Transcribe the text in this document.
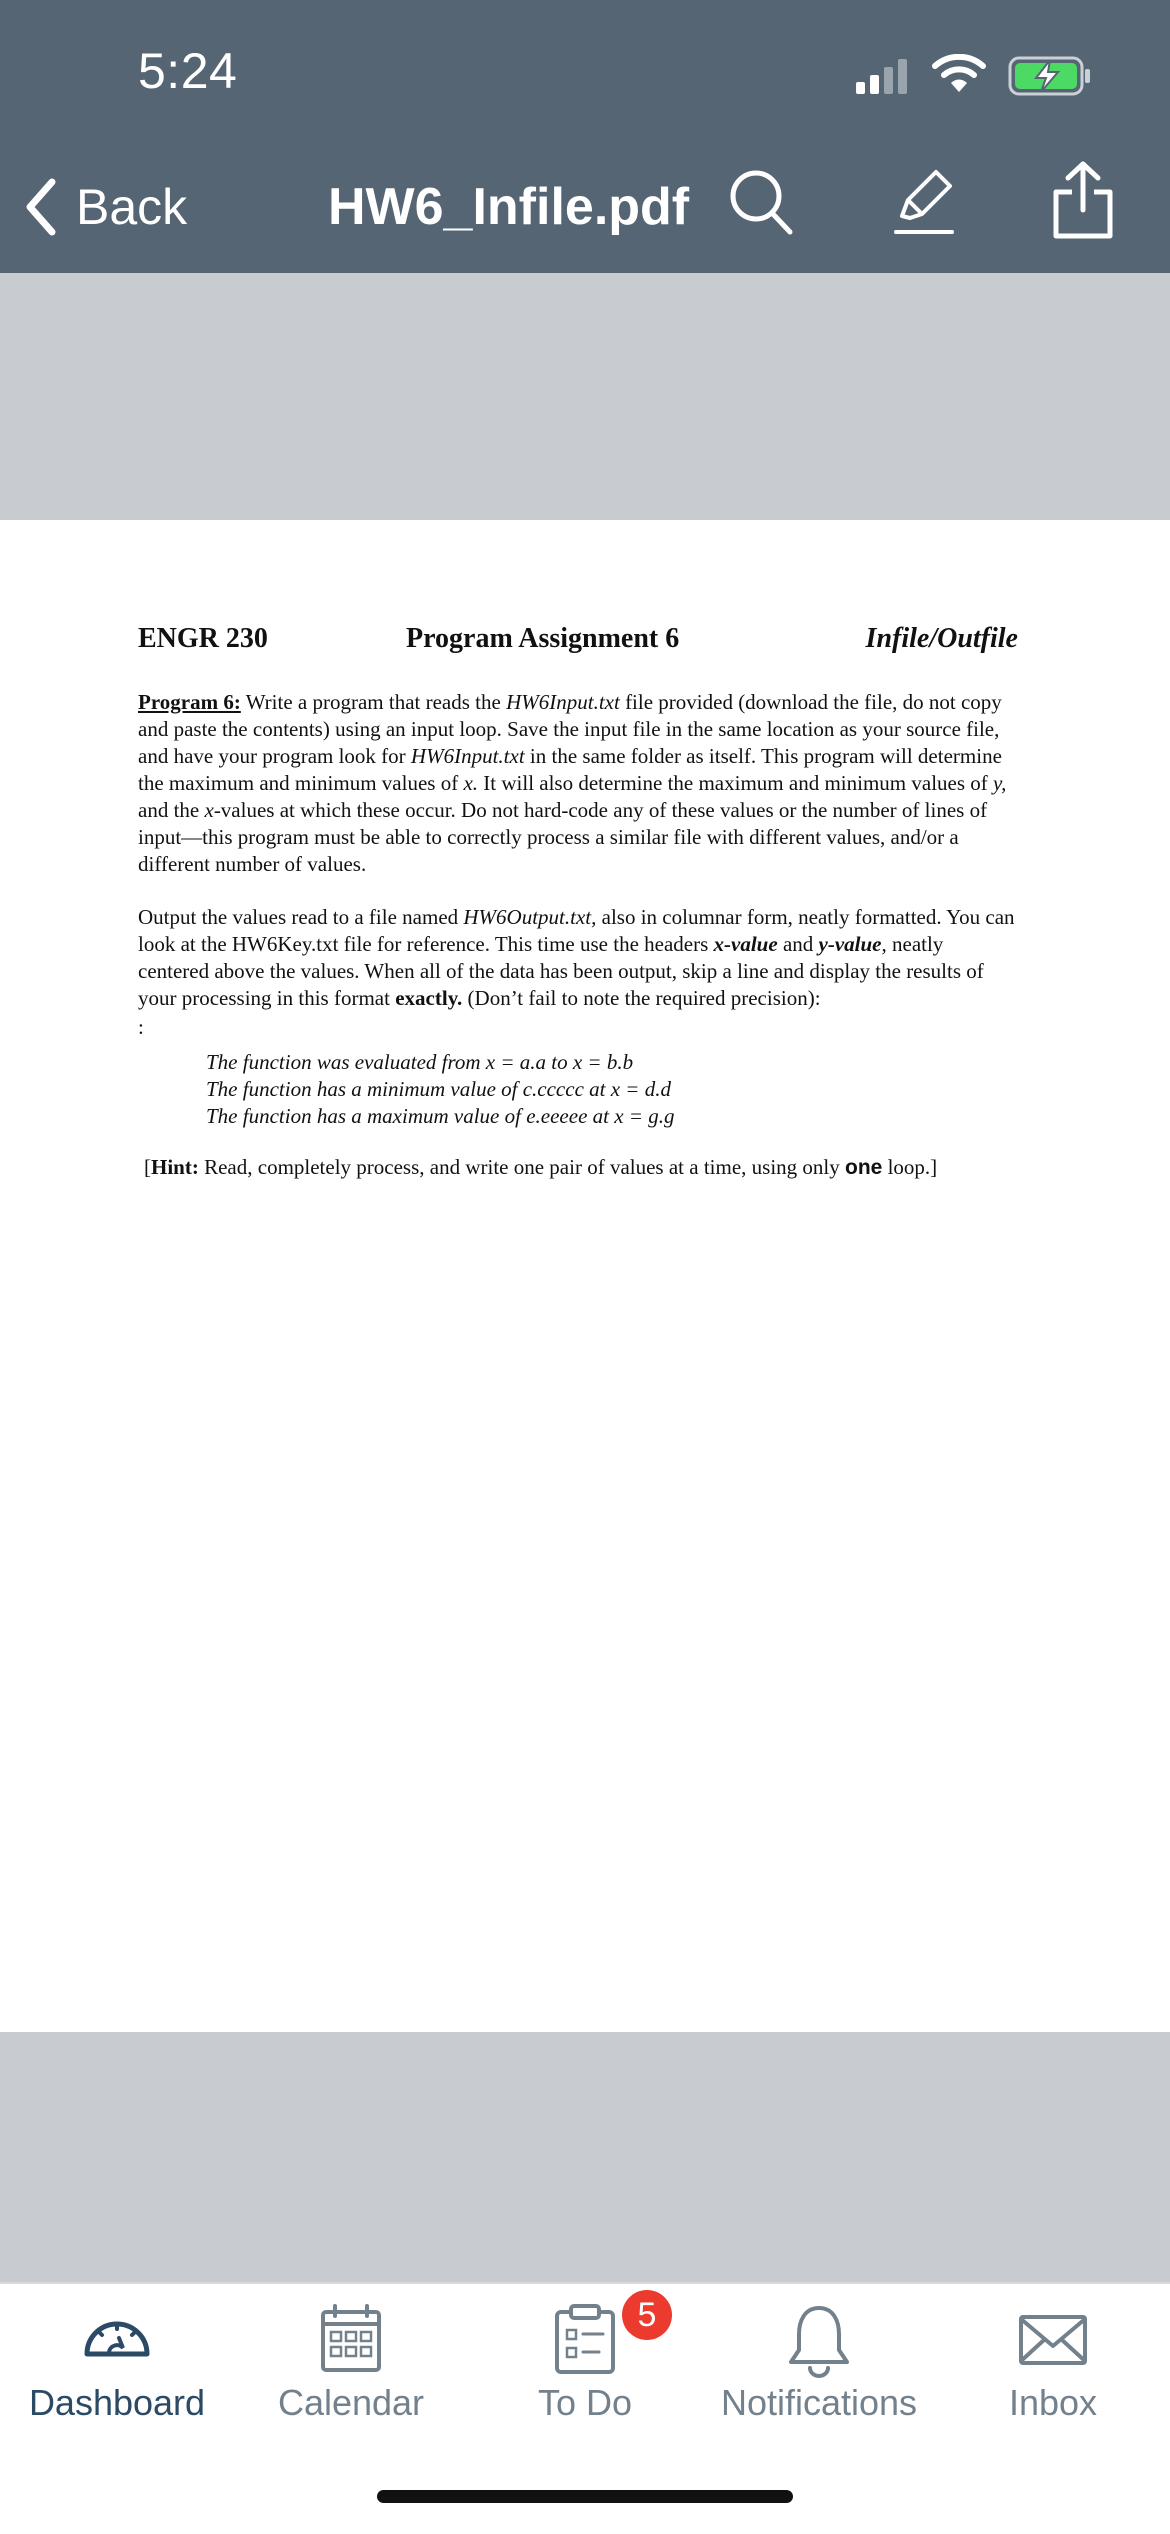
5:24
Back	HW6_Infile.pdf
ENGR 230	Program Assignment 6	Infile/Outfile
Program 6: Write a program that reads the HW6Input.txt file provided (download the file, do not copy and paste the contents) using an input loop. Save the input file in the same location as your source file, and have your program look for HW6Input.txt in the same folder as itself. This program will determine the maximum and minimum values of x. It will also determine the maximum and minimum values of y, and the x-values at which these occur. Do not hard-code any of these values or the number of lines of input—this program must be able to correctly process a similar file with different values, and/or a different number of values.
Output the values read to a file named HW6Output.txt, also in columnar form, neatly formatted. You can look at the HW6Key.txt file for reference. This time use the headers x-value and y-value, neatly centered above the values. When all of the data has been output, skip a line and display the results of your processing in this format exactly. (Don’t fail to note the required precision):
:
The function was evaluated from x = a.a to x = b.b
The function has a minimum value of c.ccccc at x = d.d
The function has a maximum value of e.eeeee at x = g.g
[Hint: Read, completely process, and write one pair of values at a time, using only one loop.]
Dashboard	Calendar
5
To Do	Notifications	Inbox
